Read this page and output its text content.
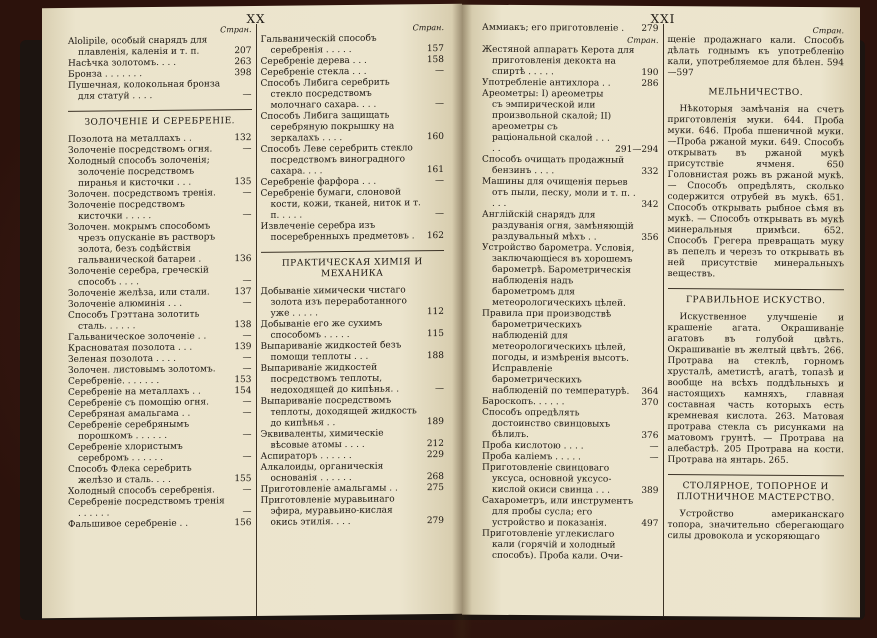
XX
Стран.
Alolipile, особый снарядъ для плавленія, каленія и т. п.	207
Насѣчка золотомъ. . . .	263
Бронза . . . . . . .	398
Пушечная, колокольная бронза для статуй . . . .	—
ЗОЛОЧЕНІЕ И СЕРЕБРЕНІЕ.
Позолота на металлахъ . .	132
Золоченіе посредствомъ огня.	—
Холодный способъ золоченія; золоченіе посредствомъ пиранья и кисточки . . .	135
Золочен. посредствомъ тренія.	—
Золоченіе посредствомъ кисточки . . . . .	—
Золочен. мокрымъ способомъ чрезъ опусканіе въ растворъ золота, безъ содѣйствія гальванической батареи .	136
Золоченіе серебра, греческій способъ . . . .	—
Золоченіе желѣза, или стали.	137
Золоченіе алюминія . . .	—
Способъ Грэттана золотить сталь. . . . . .	138
Гальваническое золоченіе . .	—
Красноватая позолота . . .	139
Зеленая позолота . . . .	—
Золочен. листовымъ золотомъ.	—
Серебреніе. . . . . . .	153
Серебреніе на металлахъ . .	154
Серебреніе съ помощію огня.	—
Серебряная амальгама . .	—
Серебреніе серебрянымъ порошкомъ . . . . . .	—
Серебреніе хлористымъ серебромъ . . . . . .	—
Способъ Флека серебрить желѣзо и сталь. . . .	155
Холодный способъ серебренія.	—
Серебреніе посредствомъ тренія . . . . . .	—
Фальшивое серебреніе . .	156
Стран.
Гальваническій способъ серебренія . . . . .	157
Серебреніе дерева . . .	158
Серебреніе стекла . . .	—
Способъ Либига серебрить стекло посредствомъ молочнаго сахара. . . .	—
Способъ Либига защищать серебряную покрышку на зеркалахъ . . . .	160
Способъ Леве серебрить стекло посредствомъ виноградного сахара. . . .	161
Серебреніе фарфора . . .	—
Серебреніе бумаги, слоновой кости, кожи, тканей, ниток и т. п. . . . .	—
Извлеченіе серебра изъ посеребренныхъ предметовъ .	162
ПРАКТИЧЕСКАЯ ХИМІЯ И МЕХАНИКА
Добываніе химически чистаго золота изъ переработанного уже . . . . .	112
Добываніе его же сухимъ способомъ . . . . .	115
Выпариваніе жидкостей безъ помощи теплоты . . .	188
Выпариваніе жидкостей посредствомъ теплоты, недоходящей до кипѣнья. .	—
Выпариваніе посредствомъ теплоты, доходящей жидкость до кипѣнья . .	189
Эквиваленты, химическіе вѣсовые атомы . . . .	212
Аспираторъ . . . . . .	229
Алкалоиды, органическія основанія . . . . . .	268
Приготовленіе амальгамы . .	275
Приготовленіе муравьинаго эфира, муравьино-кислая окись этилія. . . .	279
XXI
Аммиакъ; его приготовленіе .	279
Стран.
Жестяной аппаратъ Керота для приготовленія декокта на спиртѣ . . . . .	190
Употребленіе антихлора . .	286
Ареометры: I) ареометры съ эмпирической или произвольной скалой; II) ареометры съ раціональной скалой . . . . .	291—294
Способъ очищать продажный бензинъ . . . .	332
Машины для очищенія перьев отъ пыли, песку, моли и т. п. . . . .	342
Англійскій снарядъ для раздуванія огня, замѣняющій раздувальный мѣхъ . .	356
Устройство барометра. Условія, заключающіеся въ хорошемъ барометрѣ. Барометрическія наблюденія надъ барометромъ для метеорологическихъ цѣлей.
Правила при производствѣ барометрическихъ наблюденій для метеорологическихъ цѣлей, погоды, и измѣренія высотъ. Исправленіе барометрическихъ наблюденій по температурѣ.	364
Бароскопъ. . . . . .	370
Способъ опредѣлять достоинство свинцовыхъ бѣлилъ.	376
Проба кислотою . . . .	—
Проба каліемъ . . . . .	—
Приготовленіе свинцоваго уксуса, основной уксусо-кислой окиси свинца . . .	389
Сахарометръ, или инструментъ для пробы сусла; его устройство и показанія.	497
Приготовленіе углекислаго кали (горячій и холодный способъ). Проба кали. Очи-
Стран.
щеніе продажнаго кали. Способъ дѣлать годнымъ къ употребленію кали, употребляемое для бѣлен. 594—597
МЕЛЬНИЧЕСТВО.
Нѣкоторыя замѣчанія на счетъ приготовленія муки. 644. Проба муки. 646. Проба пшеничной муки.—Проба ржаной муки. 649. Способъ открывать въ ржаной мукѣ присутствіе ячменя. 650 Головнистая рожь въ ржаной мукѣ. — Способъ опредѣлять, сколько содержится отрубей въ мукѣ. 651. Способъ открывать рыбное сѣмя въ мукѣ. — Способъ открывать въ мукѣ минеральныя примѣси. 652. Способъ Грегера превращать муку въ пепелъ и черезъ то открывать въ ней присутствіе минеральныхъ веществъ.
ГРАВИЛЬНОЕ ИСКУСТВО.
Искуственное улучшеніе и крашеніе агата. Окрашиваніе агатовъ въ голубой цвѣтъ. Окрашиваніе въ желтый цвѣтъ. 266. Протрава на стеклѣ, горномъ хрусталѣ, аметистѣ, агатѣ, топазѣ и вообще на всѣхъ поддѣльныхъ и настоящихъ камняхъ, главная составная часть которыхъ есть кремневая кислота. 263. Матовая протрава стекла съ рисунками на матовомъ грунтѣ. — Протрава на алебастрѣ. 205 Протрава на кости. Протрава на янтарь. 265.
СТОЛЯРНОЕ, ТОПОРНОЕ И ПЛОТНИЧНОЕ МАСТЕРСТВО.
Устройство американскаго топора, значительно сберегающаго силы дровокола и ускоряющаго
